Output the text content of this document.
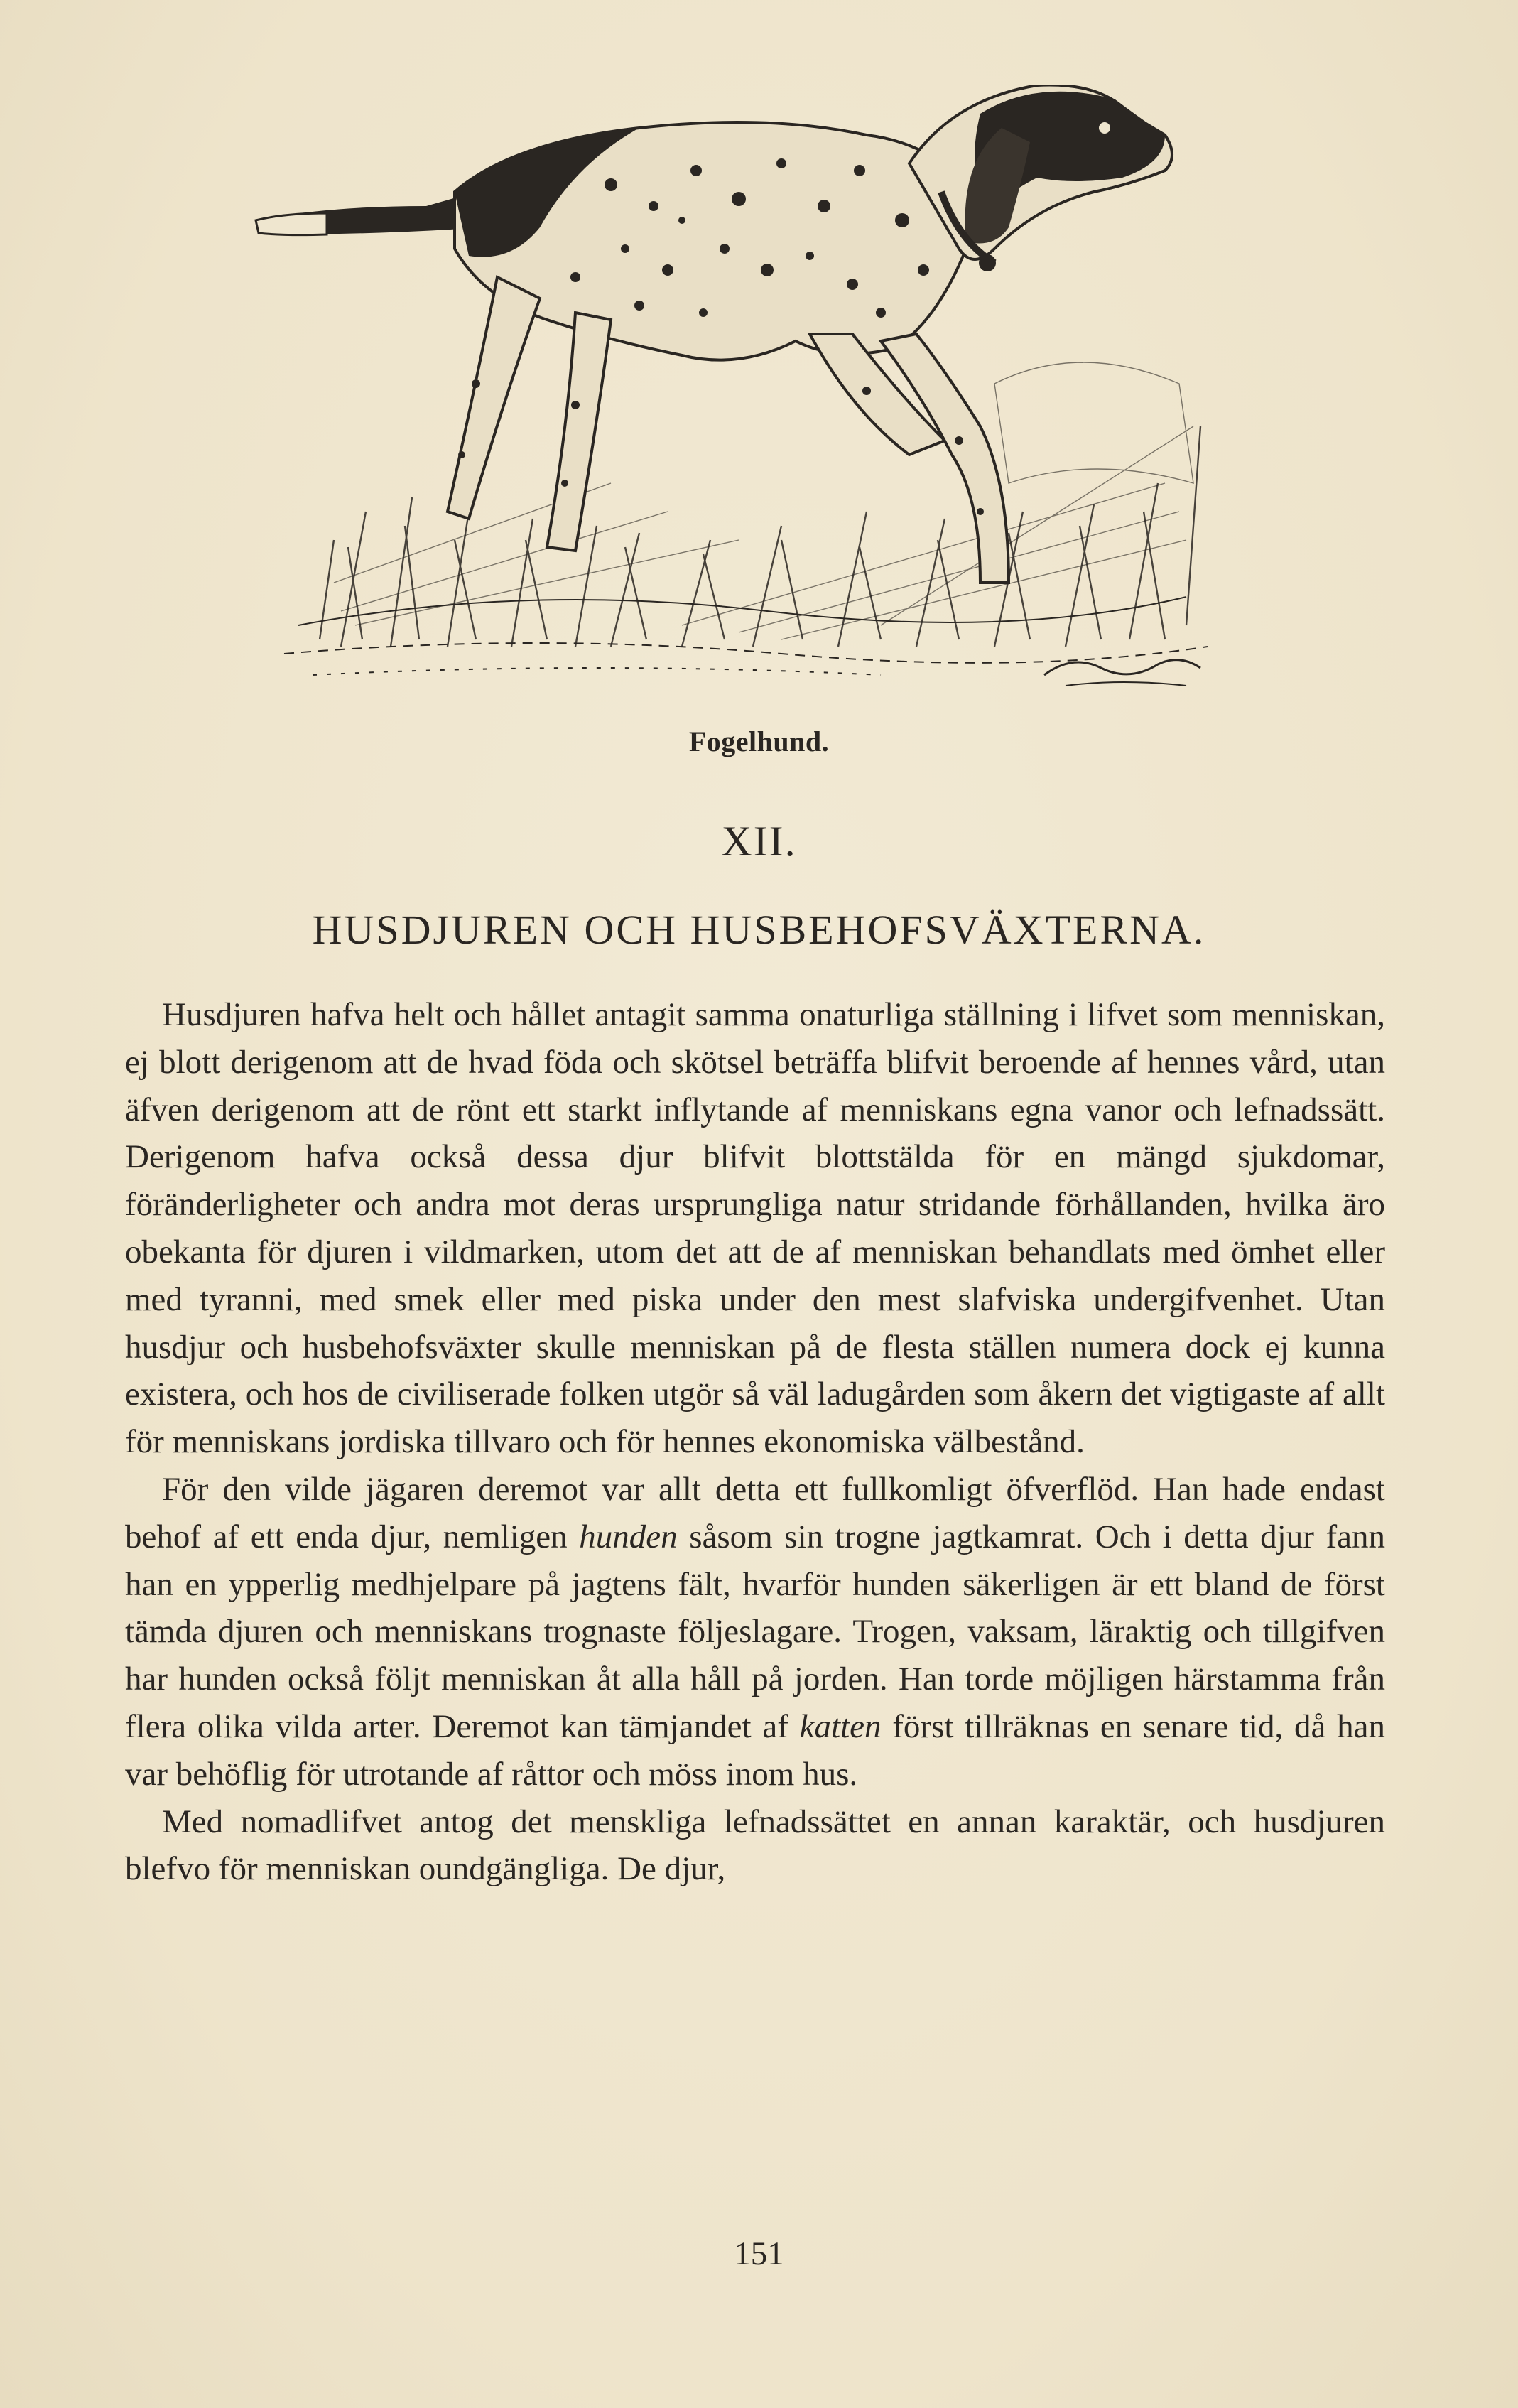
Fogelhund.
XII.
HUSDJUREN OCH HUSBEHOFSVÄXTERNA.

Husdjuren hafva helt och hållet antagit samma onaturliga ställning i lifvet som menniskan, ej blott derigenom att de hvad föda och skötsel beträffa blifvit beroende af hennes vård, utan äfven derigenom att de rönt ett starkt inflytande af menniskans egna vanor och lefnadssätt. Derigenom hafva också dessa djur blifvit blottstälda för en mängd sjukdomar, föränderligheter och andra mot deras ursprungliga natur stridande förhållanden, hvilka äro obekanta för djuren i vildmarken, utom det att de af menniskan behandlats med ömhet eller med tyranni, med smek eller med piska under den mest slafviska undergifvenhet. Utan husdjur och husbehofsväxter skulle menniskan på de flesta ställen numera dock ej kunna existera, och hos de civiliserade folken utgör så väl ladugården som åkern det vigtigaste af allt för menniskans jordiska tillvaro och för hennes ekonomiska välbestånd.

För den vilde jägaren deremot var allt detta ett fullkomligt öfverflöd. Han hade endast behof af ett enda djur, nemligen hunden såsom sin trogne jagtkamrat. Och i detta djur fann han en ypperlig medhjelpare på jagtens fält, hvarför hunden säkerligen är ett bland de först tämda djuren och menniskans trognaste följeslagare. Trogen, vaksam, läraktig och tillgifven har hunden också följt menniskan åt alla håll på jorden. Han torde möjligen härstamma från flera olika vilda arter. Deremot kan tämjandet af katten först tillräknas en senare tid, då han var behöflig för utrotande af råttor och möss inom hus.

Med nomadlifvet antog det menskliga lefnadssättet en annan karaktär, och husdjuren blefvo för menniskan oundgängliga. De djur,

151
